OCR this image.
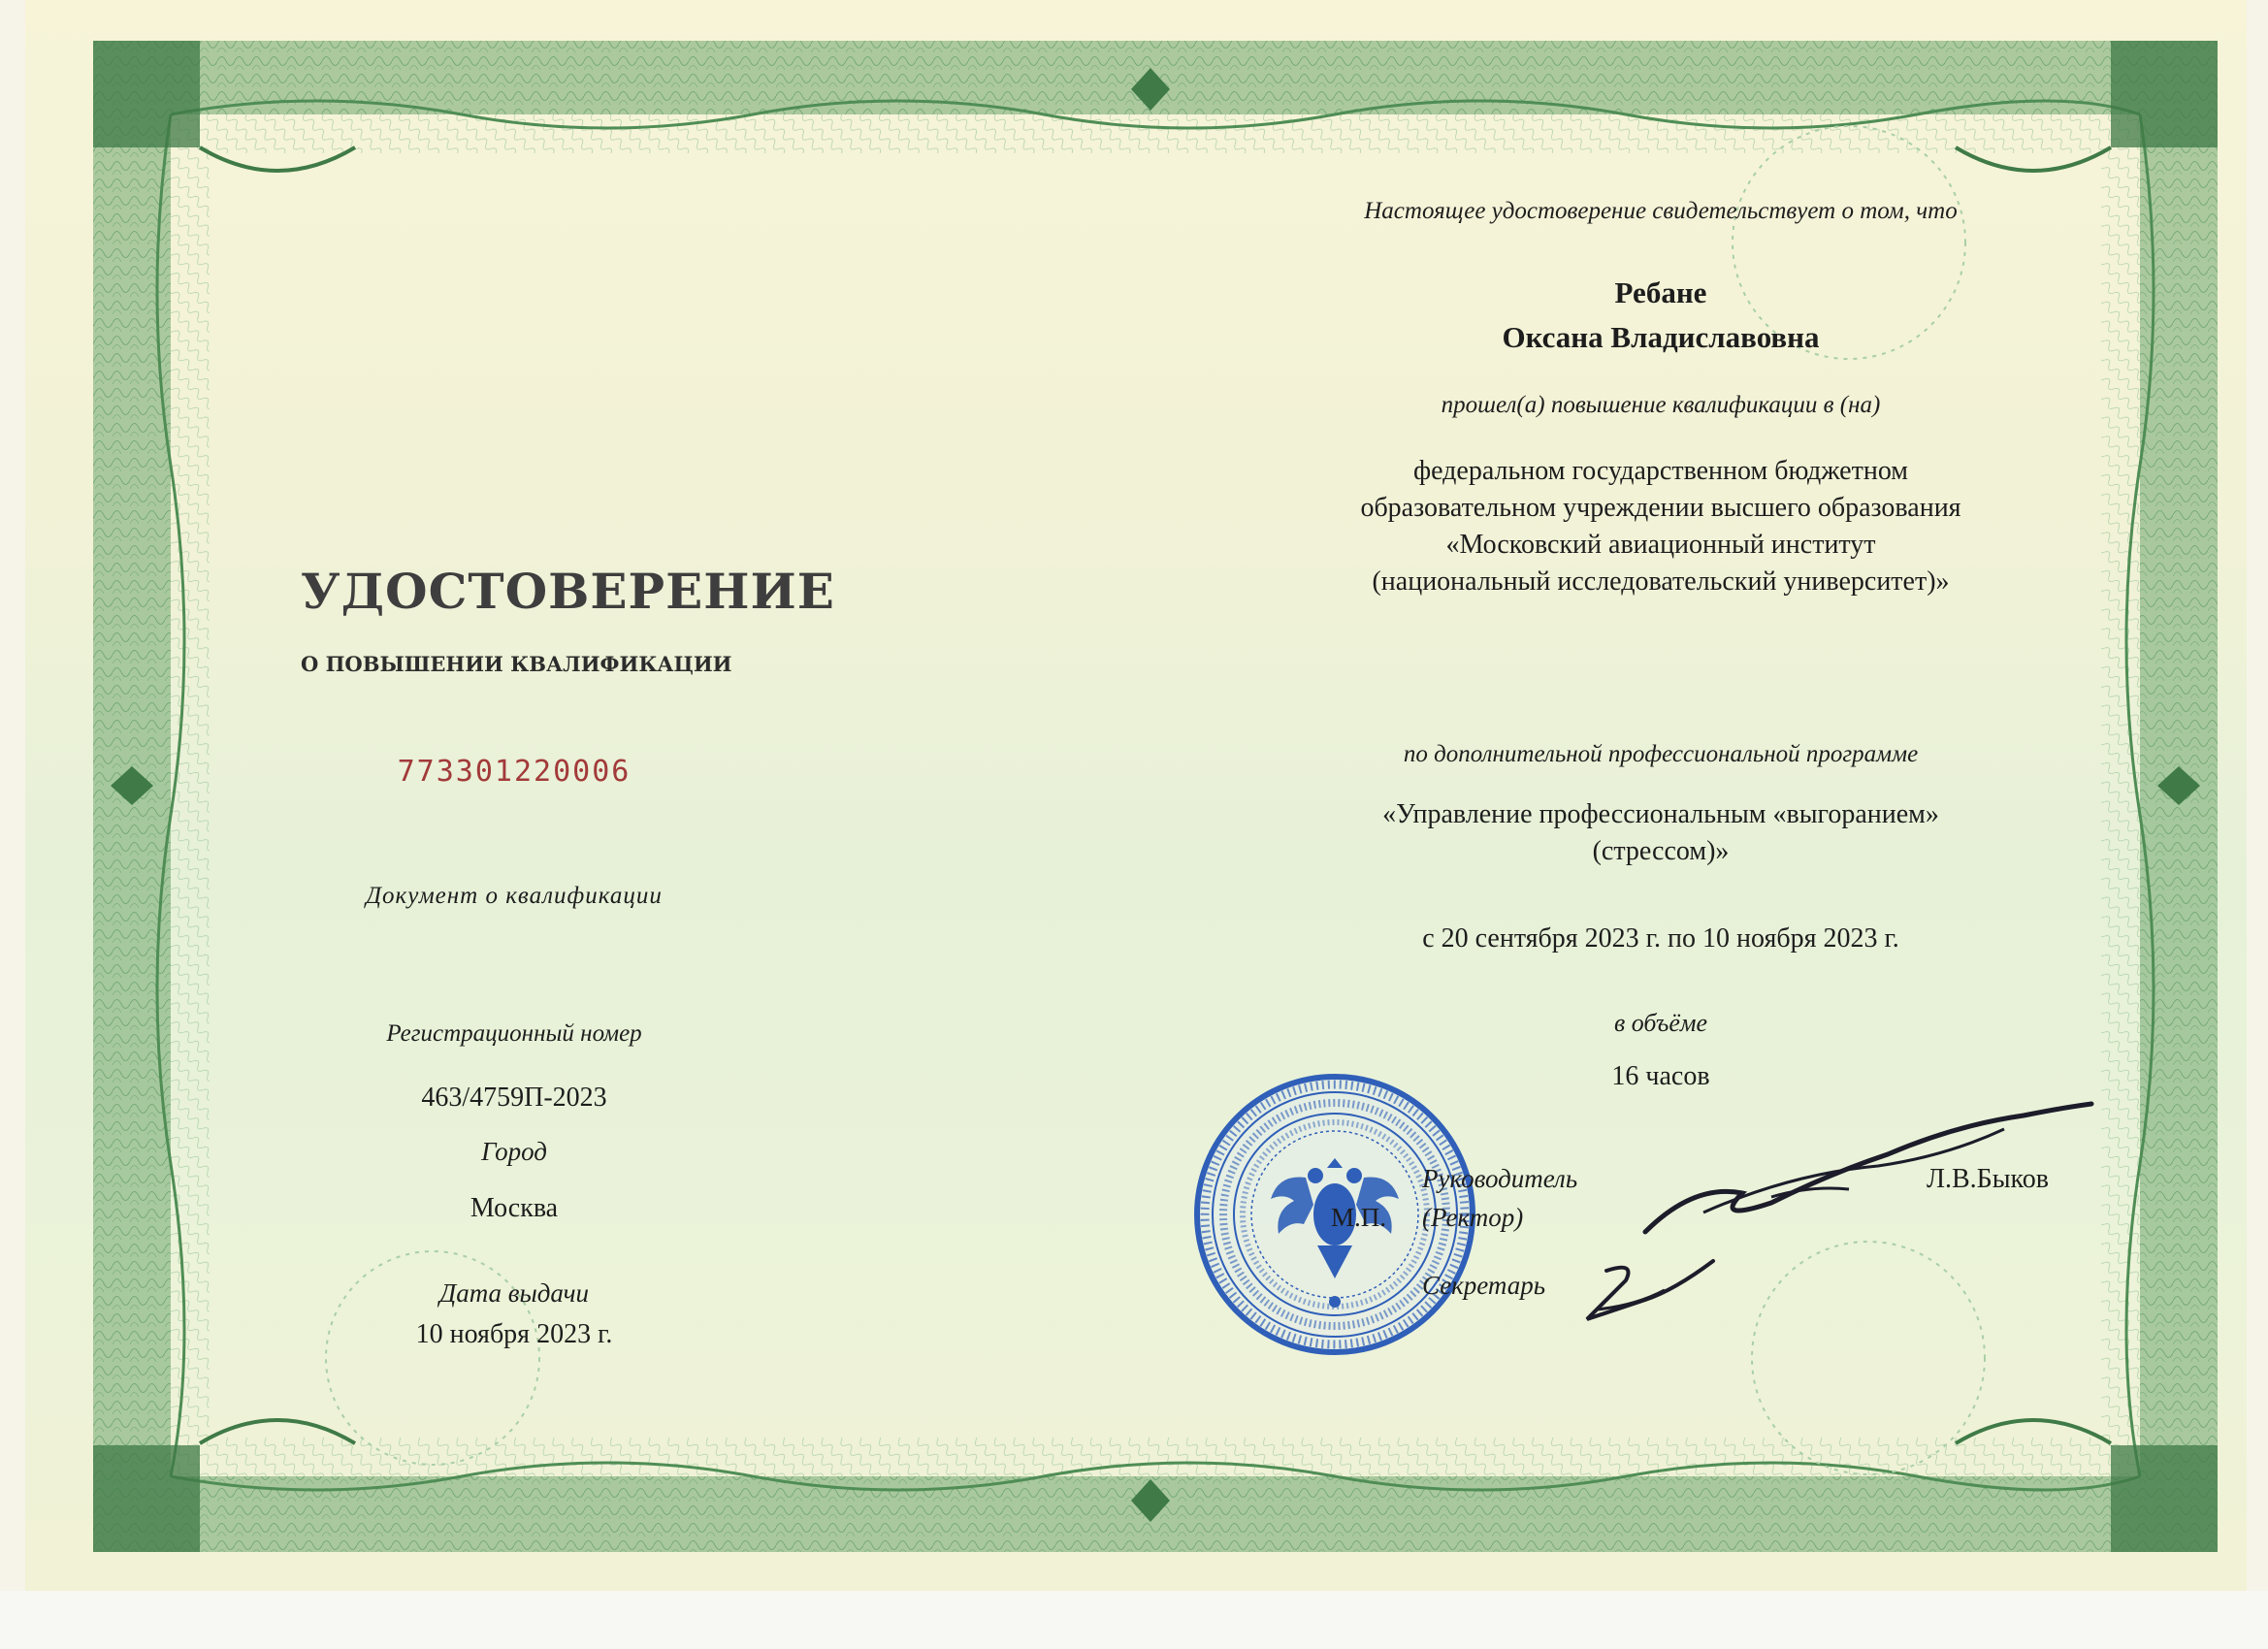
УДОСТОВЕРЕНИЕ
О ПОВЫШЕНИИ КВАЛИФИКАЦИИ
773301220006
Документ о квалификации
Регистрационный номер
463/4759П-2023
Город
Москва
Дата выдачи
10 ноября 2023 г.
Настоящее удостоверение свидетельствует о том, что
Ребане
Оксана Владиславовна
прошел(а) повышение квалификации в (на)
федеральном государственном бюджетном
образовательном учреждении высшего образования
«Московский авиационный институт
(национальный исследовательский университет)»
по дополнительной профессиональной программе
«Управление профессиональным «выгоранием»
(стрессом)»
с 20 сентября 2023 г. по 10 ноября 2023 г.
в объёме
16 часов
М.П.
Руководитель
(Ректор)
Л.В.Быков
Секретарь
